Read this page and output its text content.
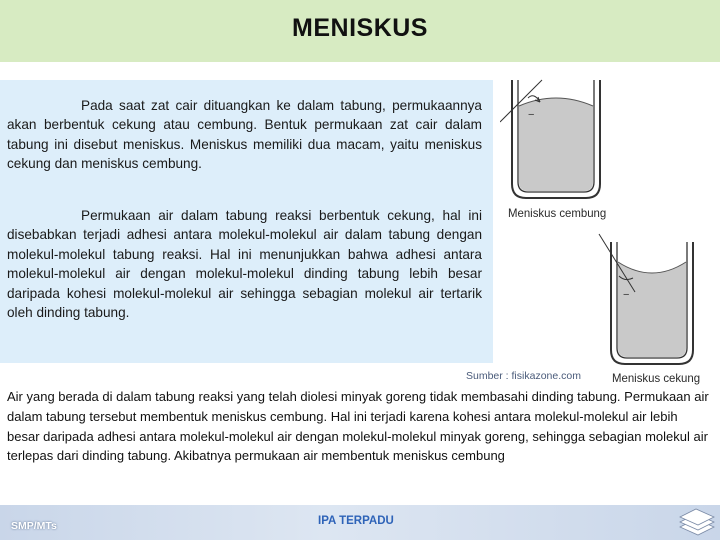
MENISKUS

Pada saat zat cair dituangkan ke dalam tabung, permukaannya akan berbentuk cekung atau cembung. Bentuk permukaan zat cair dalam tabung ini disebut meniskus. Meniskus memiliki dua macam, yaitu meniskus cekung dan meniskus cembung.

Permukaan air dalam tabung reaksi berbentuk cekung, hal ini disebabkan terjadi adhesi antara molekul-molekul air dalam tabung dengan molekul-molekul tabung reaksi. Hal ini menunjukkan bahwa adhesi antara molekul-molekul air dengan molekul-molekul dinding tabung lebih besar daripada kohesi molekul-molekul air sehingga sebagian molekul air tertarik oleh dinding tabung.

−
Meniskus cembung
−
Meniskus cekung
Sumber : fisikazone.com

Air yang berada di dalam tabung reaksi yang telah diolesi minyak goreng tidak membasahi dinding tabung. Permukaan air dalam tabung tersebut membentuk meniskus cembung. Hal ini terjadi karena kohesi antara molekul-molekul air lebih besar daripada adhesi antara molekul-molekul air dengan molekul-molekul minyak goreng, sehingga sebagian molekul air terlepas dari dinding tabung. Akibatnya permukaan air membentuk meniskus cembung

SMP/MTs	IPA TERPADU
